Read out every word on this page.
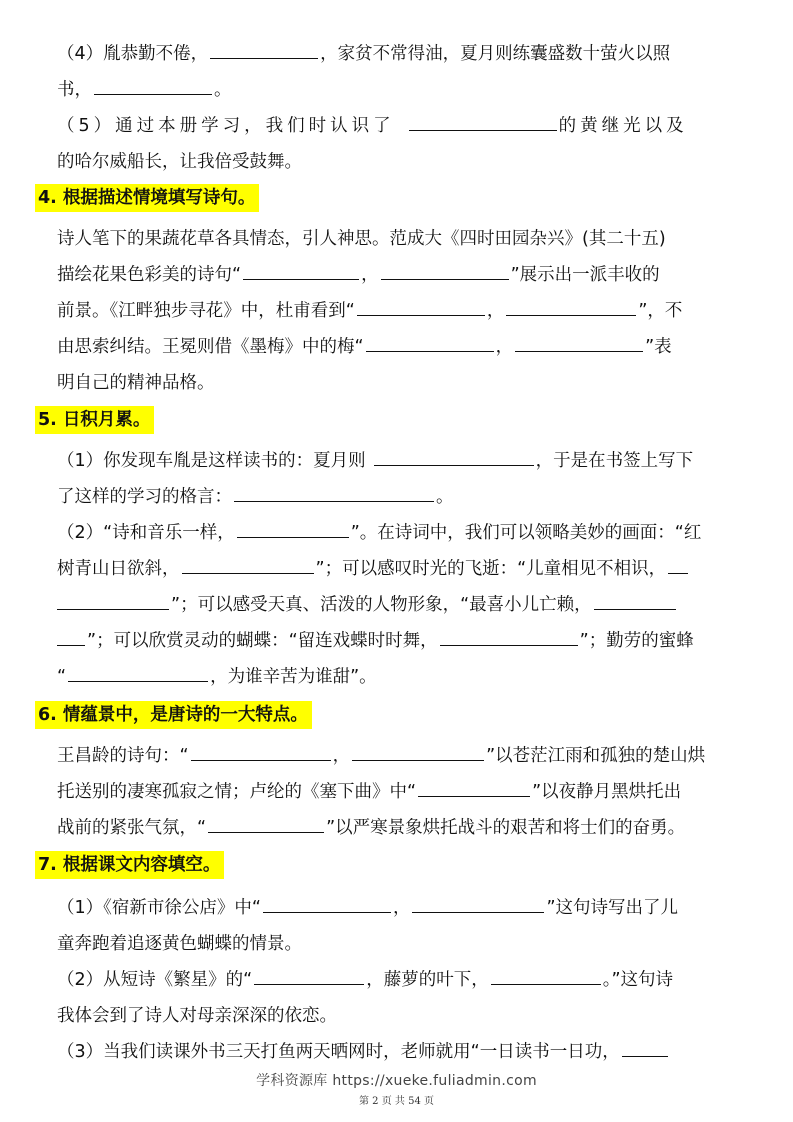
（4）胤恭勤不倦，	，家贫不常得油，夏月则练囊盛数十萤火以照
书，	。
（5）通过本册学习，我们时认识了	的黄继光以及
的哈尔威船长，让我倍受鼓舞。
4. 根据描述情境填写诗句。
诗人笔下的果蔬花草各具情态，引人神思。范成大《四时田园杂兴》(其二十五)
描绘花果色彩美的诗句“	，	”展示出一派丰收的
前景。《江畔独步寻花》中，杜甫看到“	，	”，不
由思索纠结。王冕则借《墨梅》中的梅“	，	”表
明自己的精神品格。
5. 日积月累。
（1）你发现车胤是这样读书的：夏月则	，于是在书签上写下
了这样的学习的格言：	。
（2）“诗和音乐一样，	”。在诗词中，我们可以领略美妙的画面：“红
树青山日欲斜，	”；可以感叹时光的飞逝：“儿童相见不相识，
”；可以感受天真、活泼的人物形象，“最喜小儿亡赖，
”；可以欣赏灵动的蝴蝶：“留连戏蝶时时舞，	”；勤劳的蜜蜂
“	，为谁辛苦为谁甜”。
6. 情蕴景中，是唐诗的一大特点。
王昌龄的诗句：“	，	”以苍茫江雨和孤独的楚山烘
托送别的凄寒孤寂之情；卢纶的《塞下曲》中“	”以夜静月黑烘托出
战前的紧张气氛，“	”以严寒景象烘托战斗的艰苦和将士们的奋勇。
7. 根据课文内容填空。
（1）《宿新市徐公店》中“	，	”这句诗写出了儿
童奔跑着追逐黄色蝴蝶的情景。
（2）从短诗《繁星》的“	，藤萝的叶下，	。”这句诗
我体会到了诗人对母亲深深的依恋。
（3）当我们读课外书三天打鱼两天晒网时，老师就用“一日读书一日功，
学科资源库 https://xueke.fuliadmin.com
第 2 页 共 54 页
